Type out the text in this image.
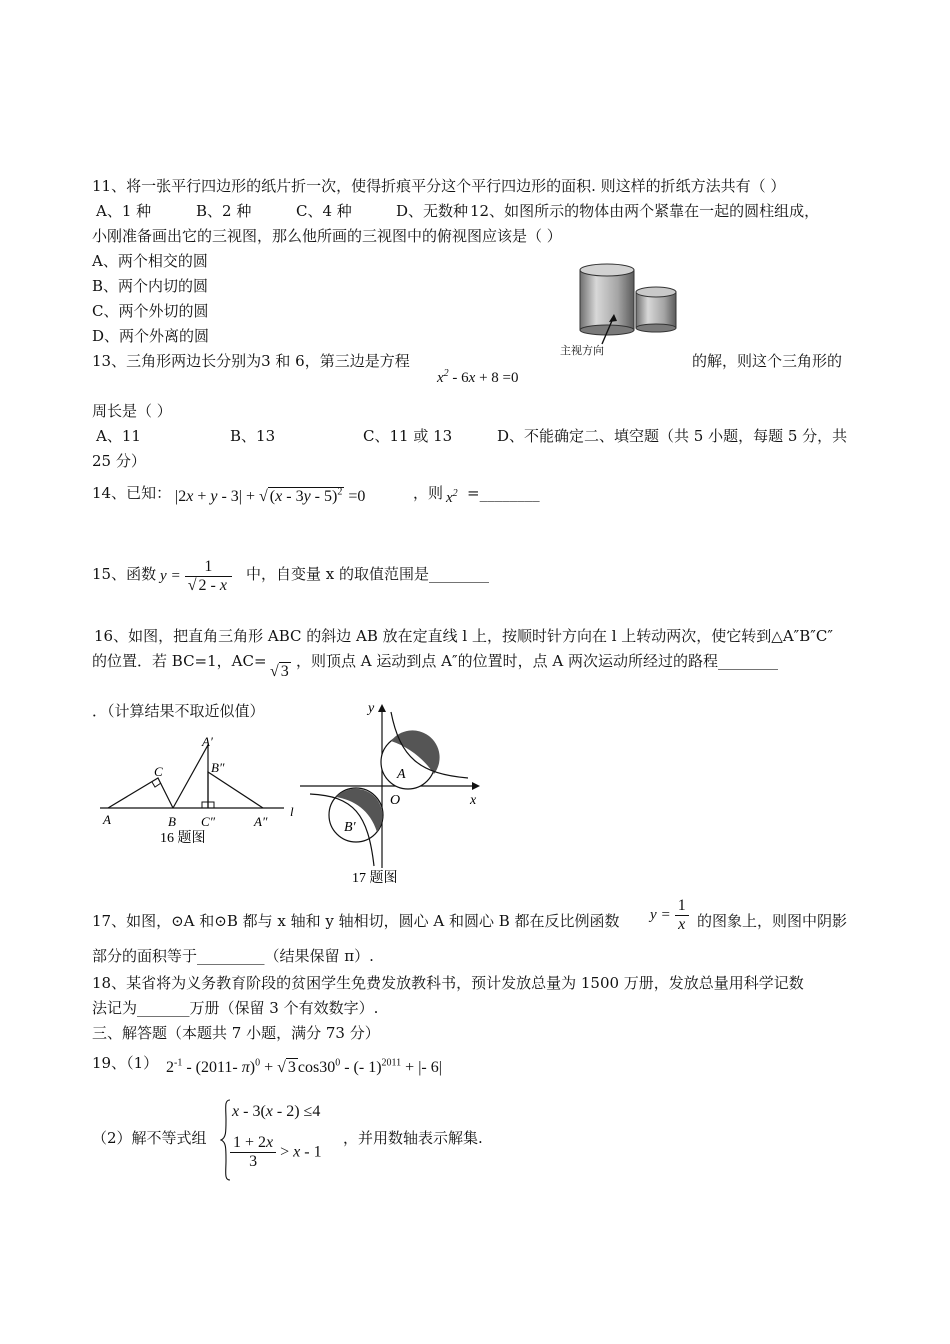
11、将一张平行四边形的纸片折一次，使得折痕平分这个平行四边形的面积. 则这样的折纸方法共有（ ）
A、1 种	B、2 种	C、4 种	D、无数种 12、如图所示的物体由两个紧靠在一起的圆柱组成，
小刚准备画出它的三视图，那么他所画的三视图中的俯视图应该是（ ）
A、两个相交的圆
B、两个内切的圆
C、两个外切的圆
D、两个外离的圆
主视方向
13、三角形两边长分别为3 和 6，第三边是方程
$x^2 - 6x + 8 =0$
的解，则这个三角形的
周长是（ ）
A、11	B、13	C、11 或 13	D、不能确定 二、填空题（共 5 小题，每题 5 分，共
25 分）
14、已知： |2x + y - 3| + √ (x - 3y - 5)$^2$ =0	，则 $x^2$ =________
15、函数 $y = \frac{1}{√ 2 - x}$ 中，自变量 x 的取值范围是________
16、如图，把直角三角形 ABC 的斜边 AB 放在定直线 l 上，按顺时针方向在 l 上转动两次，使它转到△A″B″C″
的位置．若 BC=1，AC=
√ 3
，则顶点 A 运动到点 A″的位置时，点 A 两次运动所经过的路程________
．（计算结果不取近似值）
A
C
B
A′
B″
C″	A″
l
16 题图
y
x
O
A
B′
17 题图
17、如图，⊙A 和⊙B 都与 x 轴和 y 轴相切，圆心 A 和圆心 B 都在反比例函数 $y = \frac{1}{x}$ 的图象上，则图中阴影
部分的面积等于_________（结果保留 π）.
18、某省将为义务教育阶段的贫困学生免费发放教科书，预计发放总量为 1500 万册，发放总量用科学记数
法记为_______万册（保留 3 个有效数字）.
三、解答题（本题共 7 小题，满分 73 分）
19、（1） $2^{-1} - (2011-$ π)$^0$ + √ 3 $\cos 30^0$ - (- 1)$^{2011}$ + |- 6|
（2）解不等式组
x - 3(x - 2) ≤4
$\frac{1 + 2x}{3} > x - 1$
，并用数轴表示解集.
